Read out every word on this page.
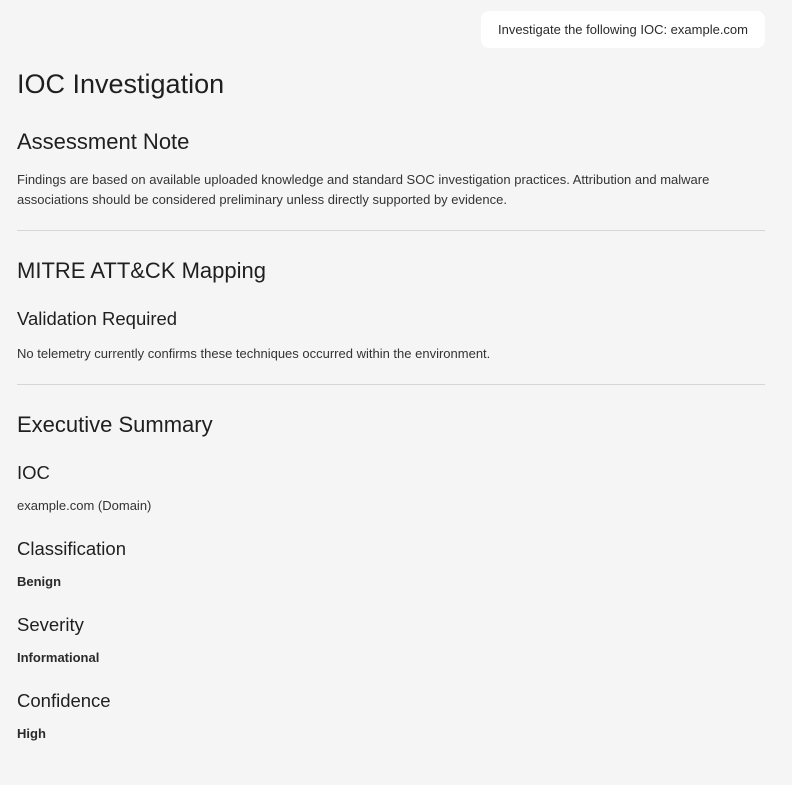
Investigate the following IOC: example.com
IOC Investigation
Assessment Note

Findings are based on available uploaded knowledge and standard SOC investigation practices. Attribution and malware associations should be considered preliminary unless directly supported by evidence.

MITRE ATT&CK Mapping
Validation Required

No telemetry currently confirms these techniques occurred within the environment.

Executive Summary
IOC

example.com (Domain)

Classification

Benign

Severity

Informational

Confidence

High
